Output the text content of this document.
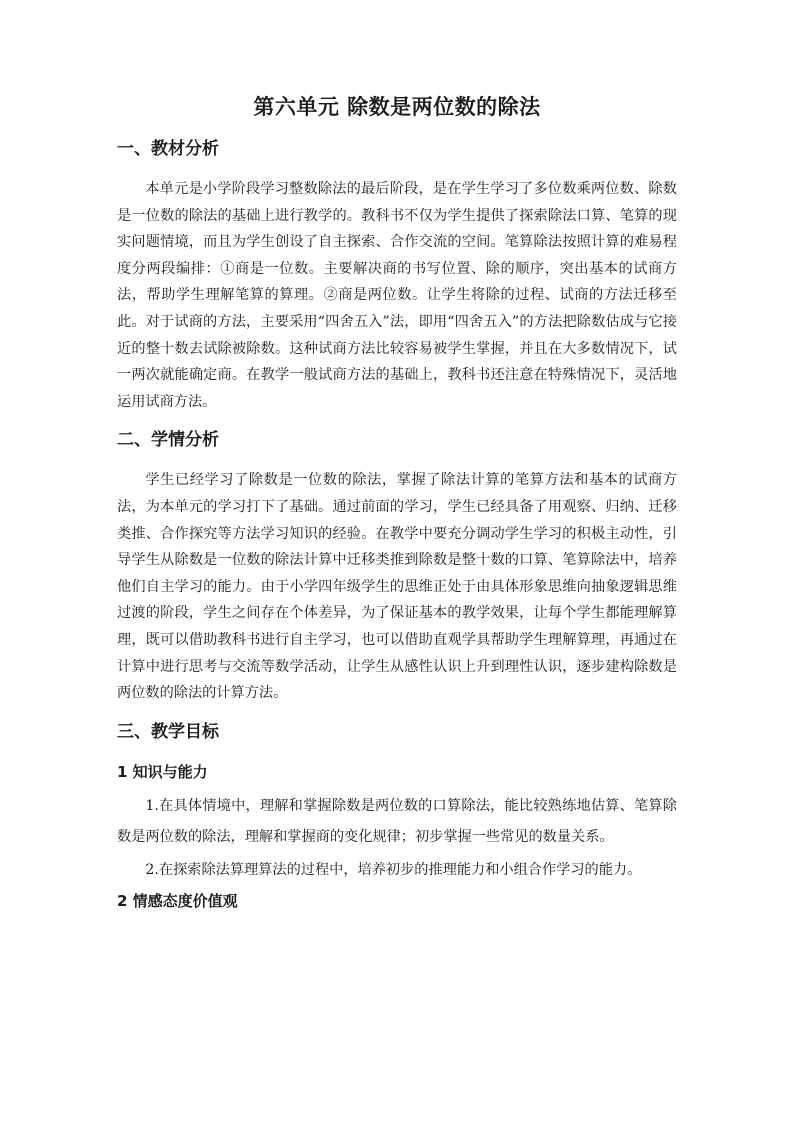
第六单元 除数是两位数的除法
一、教材分析

本单元是小学阶段学习整数除法的最后阶段，是在学生学习了多位数乘两位数、除数是一位数的除法的基础上进行教学的。教科书不仅为学生提供了探索除法口算、笔算的现实问题情境，而且为学生创设了自主探索、合作交流的空间。笔算除法按照计算的难易程度分两段编排：①商是一位数。主要解决商的书写位置、除的顺序，突出基本的试商方法，帮助学生理解笔算的算理。②商是两位数。让学生将除的过程、试商的方法迁移至此。对于试商的方法，主要采用“四舍五入”法，即用“四舍五入”的方法把除数估成与它接近的整十数去试除被除数。这种试商方法比较容易被学生掌握，并且在大多数情况下，试一两次就能确定商。在教学一般试商方法的基础上，教科书还注意在特殊情况下，灵活地运用试商方法。

二、学情分析

学生已经学习了除数是一位数的除法，掌握了除法计算的笔算方法和基本的试商方法，为本单元的学习打下了基础。通过前面的学习，学生已经具备了用观察、归纳、迁移类推、合作探究等方法学习知识的经验。在教学中要充分调动学生学习的积极主动性，引导学生从除数是一位数的除法计算中迁移类推到除数是整十数的口算、笔算除法中，培养他们自主学习的能力。由于小学四年级学生的思维正处于由具体形象思维向抽象逻辑思维过渡的阶段，学生之间存在个体差异，为了保证基本的教学效果，让每个学生都能理解算理，既可以借助教科书进行自主学习，也可以借助直观学具帮助学生理解算理，再通过在计算中进行思考与交流等数学活动，让学生从感性认识上升到理性认识，逐步建构除数是两位数的除法的计算方法。

三、教学目标
1 知识与能力

1.在具体情境中，理解和掌握除数是两位数的口算除法，能比较熟练地估算、笔算除数是两位数的除法，理解和掌握商的变化规律；初步掌握一些常见的数量关系。

2.在探索除法算理算法的过程中，培养初步的推理能力和小组合作学习的能力。

2 情感态度价值观
